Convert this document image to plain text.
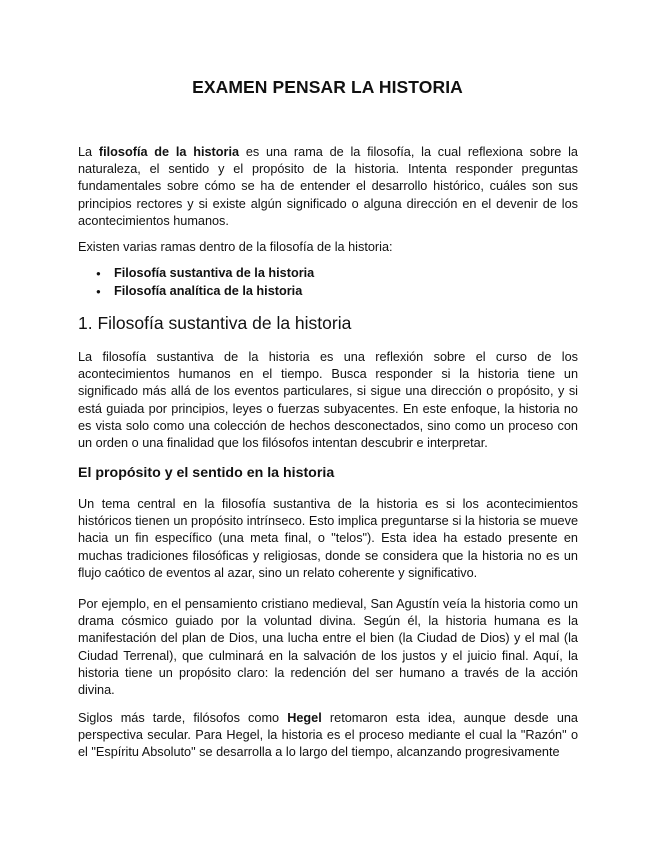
EXAMEN PENSAR LA HISTORIA

La filosofía de la historia es una rama de la filosofía, la cual reflexiona sobre la naturaleza, el sentido y el propósito de la historia. Intenta responder preguntas fundamentales sobre cómo se ha de entender el desarrollo histórico, cuáles son sus principios rectores y si existe algún significado o alguna dirección en el devenir de los acontecimientos humanos.

Existen varias ramas dentro de la filosofía de la historia:

● Filosofía sustantiva de la historia
● Filosofía analítica de la historia
1. Filosofía sustantiva de la historia

La filosofía sustantiva de la historia es una reflexión sobre el curso de los acontecimientos humanos en el tiempo. Busca responder si la historia tiene un significado más allá de los eventos particulares, si sigue una dirección o propósito, y si está guiada por principios, leyes o fuerzas subyacentes. En este enfoque, la historia no es vista solo como una colección de hechos desconectados, sino como un proceso con un orden o una finalidad que los filósofos intentan descubrir e interpretar.

El propósito y el sentido en la historia

Un tema central en la filosofía sustantiva de la historia es si los acontecimientos históricos tienen un propósito intrínseco. Esto implica preguntarse si la historia se mueve hacia un fin específico (una meta final, o "telos"). Esta idea ha estado presente en muchas tradiciones filosóficas y religiosas, donde se considera que la historia no es un flujo caótico de eventos al azar, sino un relato coherente y significativo.

Por ejemplo, en el pensamiento cristiano medieval, San Agustín veía la historia como un drama cósmico guiado por la voluntad divina. Según él, la historia humana es la manifestación del plan de Dios, una lucha entre el bien (la Ciudad de Dios) y el mal (la Ciudad Terrenal), que culminará en la salvación de los justos y el juicio final. Aquí, la historia tiene un propósito claro: la redención del ser humano a través de la acción divina.

Siglos más tarde, filósofos como Hegel retomaron esta idea, aunque desde una perspectiva secular. Para Hegel, la historia es el proceso mediante el cual la "Razón" o el "Espíritu Absoluto" se desarrolla a lo largo del tiempo, alcanzando progresivamente
